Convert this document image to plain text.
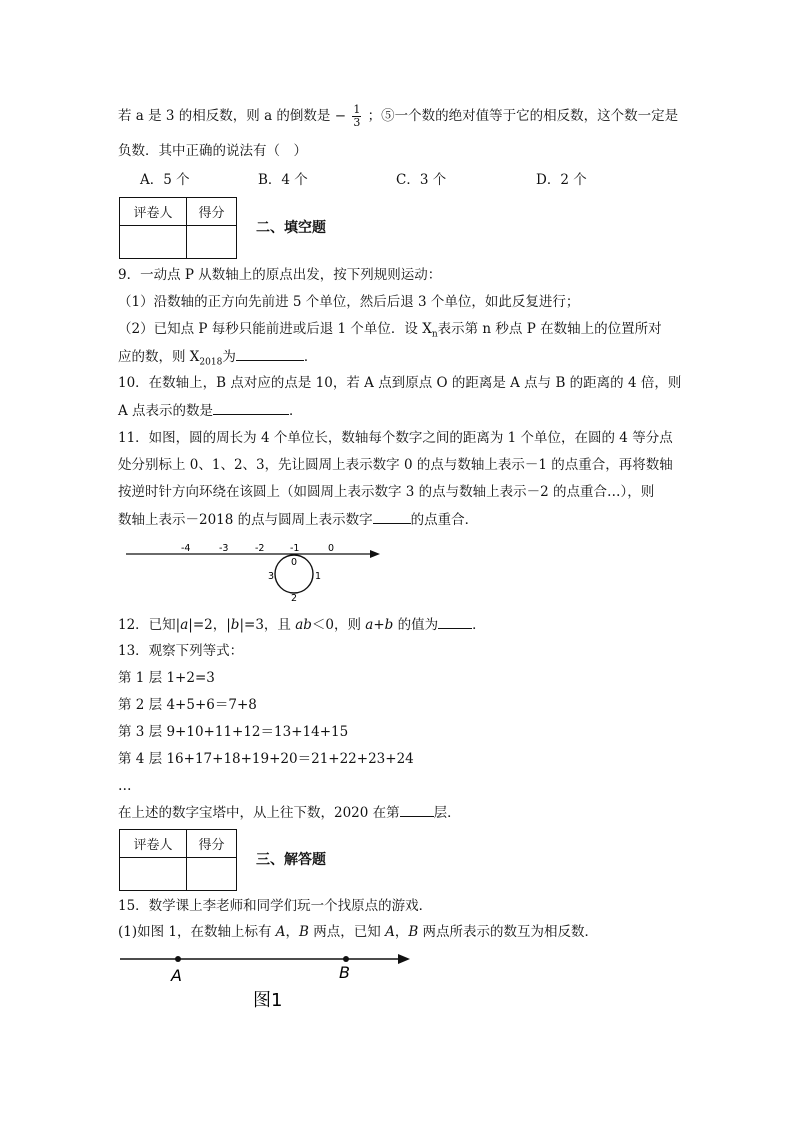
若 a 是 3 的相反数，则 a 的倒数是 − $\frac{1}{3}$ ；⑤一个数的绝对值等于它的相反数，这个数一定是
负数．其中正确的说法有（　）
A．5 个	B．4 个	C．3 个	D．2 个
评卷人	得分
二、填空题
9．一动点 P 从数轴上的原点出发，按下列规则运动：
（1）沿数轴的正方向先前进 5 个单位，然后后退 3 个单位，如此反复进行；
（2）已知点 P 每秒只能前进或后退 1 个单位．设 $X_n$表示第 n 秒点 P 在数轴上的位置所对
应的数，则 $X_{2018}$为	．
10．在数轴上，B 点对应的点是 10，若 A 点到原点 O 的距离是 A 点与 B 的距离的 4 倍，则
A 点表示的数是	．
11．如图，圆的周长为 4 个单位长，数轴每个数字之间的距离为 1 个单位，在圆的 4 等分点
处分别标上 0、1、2、3，先让圆周上表示数字 0 的点与数轴上表示－1 的点重合，再将数轴
按逆时针方向环绕在该圆上（如圆周上表示数字 3 的点与数轴上表示－2 的点重合…），则
数轴上表示－2018 的点与圆周上表示数字	的点重合．
-4	-3	-2	-1	0
0
1
2
3
12．已知|a|=2，|b|=3，且 ab＜0，则 a+b 的值为	．
13．观察下列等式：
第 1 层 1+2=3
第 2 层 4+5+6＝7+8
第 3 层 9+10+11+12＝13+14+15
第 4 层 16+17+18+19+20＝21+22+23+24
…
在上述的数字宝塔中，从上往下数，2020 在第	层．
评卷人	得分
三、解答题
15．数学课上李老师和同学们玩一个找原点的游戏．
(1)如图 1，在数轴上标有 A，B 两点，已知 A，B 两点所表示的数互为相反数．
A	B
图1
